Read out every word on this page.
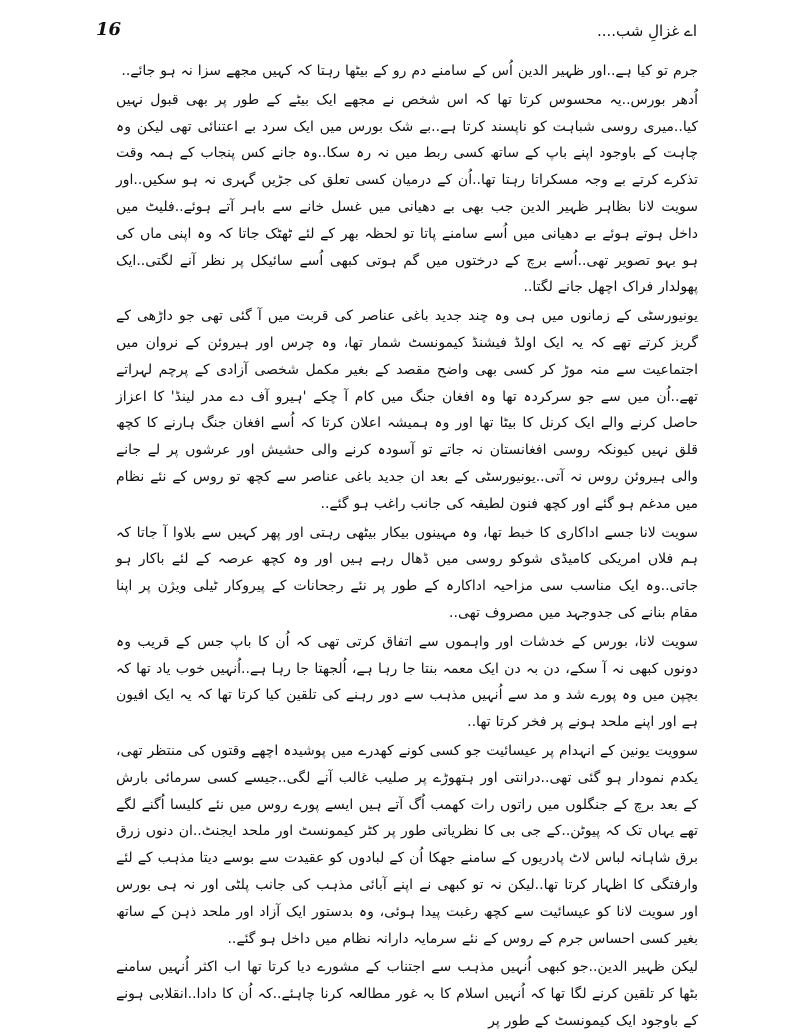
16	اے غزالِ شب....

جرم تو کیا ہے..اور ظہیر الدین اُس کے سامنے دم رو کے بیٹھا رہتا کہ کہیں مجھے سزا نہ ہو جائے..

اُدھر بورس..یہ محسوس کرتا تھا کہ اس شخص نے مجھے ایک بیٹے کے طور پر بھی قبول نہیں کیا..میری روسی شباہت کو ناپسند کرتا ہے..بے شک بورس میں ایک سرد بے اعتنائی تھی لیکن وہ چاہت کے باوجود اپنے باپ کے ساتھ کسی ربط میں نہ رہ سکا..وہ جانے کس پنجاب کے ہمہ وقت تذکرے کرتے بے وجہ مسکراتا رہتا تھا..اُن کے درمیان کسی تعلق کی جڑیں گہری نہ ہو سکیں..اور سویت لانا بظاہر ظہیر الدین جب بھی بے دھیانی میں غسل خانے سے باہر آتے ہوئے..فلیٹ میں داخل ہوتے ہوئے بے دھیانی میں اُسے سامنے پاتا تو لحظہ بھر کے لئے ٹھٹک جاتا کہ وہ اپنی ماں کی ہو بہو تصویر تھی..اُسے برچ کے درختوں میں گم ہوتی کبھی اُسے سائیکل پر نظر آنے لگتی..ایک پھولدار فراک اچھل جانے لگتا..

یونیورسٹی کے زمانوں میں ہی وہ چند جدید باغی عناصر کی قربت میں آ گئی تھی جو داڑھی کے گریز کرتے تھے کہ یہ ایک اولڈ فیشنڈ کیمونسٹ شمار تھا، وہ چرس اور ہیروئن کے نروان میں اجتماعیت سے منہ موڑ کر کسی بھی واضح مقصد کے بغیر مکمل شخصی آزادی کے پرچم لہراتے تھے..اُن میں سے جو سرکردہ تھا وہ افغان جنگ میں کام آ چکے 'ہیرو آف دے مدر لینڈ' کا اعزاز حاصل کرنے والے ایک کرنل کا بیٹا تھا اور وہ ہمیشہ اعلان کرتا کہ اُسے افغان جنگ ہارنے کا کچھ قلق نہیں کیونکہ روسی افغانستان نہ جاتے تو آسودہ کرنے والی حشیش اور عرشوں پر لے جانے والی ہیروئن روس نہ آتی..یونیورسٹی کے بعد ان جدید باغی عناصر سے کچھ تو روس کے نئے نظام میں مدغم ہو گئے اور کچھ فنون لطیفہ کی جانب راغب ہو گئے..

سویت لانا جسے اداکاری کا خبط تھا، وہ مہینوں بیکار بیٹھی رہتی اور پھر کہیں سے بلاوا آ جاتا کہ ہم فلاں امریکی کامیڈی شوکو روسی میں ڈھال رہے ہیں اور وہ کچھ عرصہ کے لئے باکار ہو جاتی..وہ ایک مناسب سی مزاحیہ اداکارہ کے طور پر نئے رجحانات کے پیروکار ٹیلی ویژن پر اپنا مقام بنانے کی جدوجہد میں مصروف تھی..

سویت لانا، بورس کے خدشات اور واہموں سے اتفاق کرتی تھی کہ اُن کا باپ جس کے قریب وہ دونوں کبھی نہ آ سکے، دن بہ دن ایک معمہ بنتا جا رہا ہے، اُلجھتا جا رہا ہے..اُنہیں خوب یاد تھا کہ بچپن میں وہ پورے شد و مد سے اُنہیں مذہب سے دور رہنے کی تلقین کیا کرتا تھا کہ یہ ایک افیون ہے اور اپنے ملحد ہونے پر فخر کرتا تھا..

سوویت یونین کے انہدام پر عیسائیت جو کسی کونے کھدرے میں پوشیدہ اچھے وقتوں کی منتظر تھی، یکدم نمودار ہو گئی تھی..درانتی اور ہتھوڑے پر صلیب غالب آنے لگی..جیسے کسی سرمائی بارش کے بعد برچ کے جنگلوں میں راتوں رات کھمب اُگ آتے ہیں ایسے پورے روس میں نئے کلیسا اُگنے لگے تھے یہاں تک کہ پیوٹن..کے جی بی کا نظریاتی طور پر کٹر کیمونسٹ اور ملحد ایجنٹ..ان دنوں زرق برق شاہانہ لباس لاٹ پادریوں کے سامنے جھکا اُن کے لبادوں کو عقیدت سے بوسے دیتا مذہب کے لئے وارفتگی کا اظہار کرتا تھا..لیکن نہ تو کبھی نے اپنے آبائی مذہب کی جانب پلٹی اور نہ ہی بورس اور سویت لانا کو عیسائیت سے کچھ رغبت پیدا ہوئی، وہ بدستور ایک آزاد اور ملحد ذہن کے ساتھ بغیر کسی احساس جرم کے روس کے نئے سرمایہ دارانہ نظام میں داخل ہو گئے..

لیکن ظہیر الدین..جو کبھی اُنہیں مذہب سے اجتناب کے مشورے دیا کرتا تھا اب اکثر اُنہیں سامنے بٹھا کر تلقین کرنے لگا تھا کہ اُنہیں اسلام کا بہ غور مطالعہ کرنا چاہئے..کہ اُن کا دادا..انقلابی ہونے کے باوجود ایک کیمونسٹ کے طور پر
